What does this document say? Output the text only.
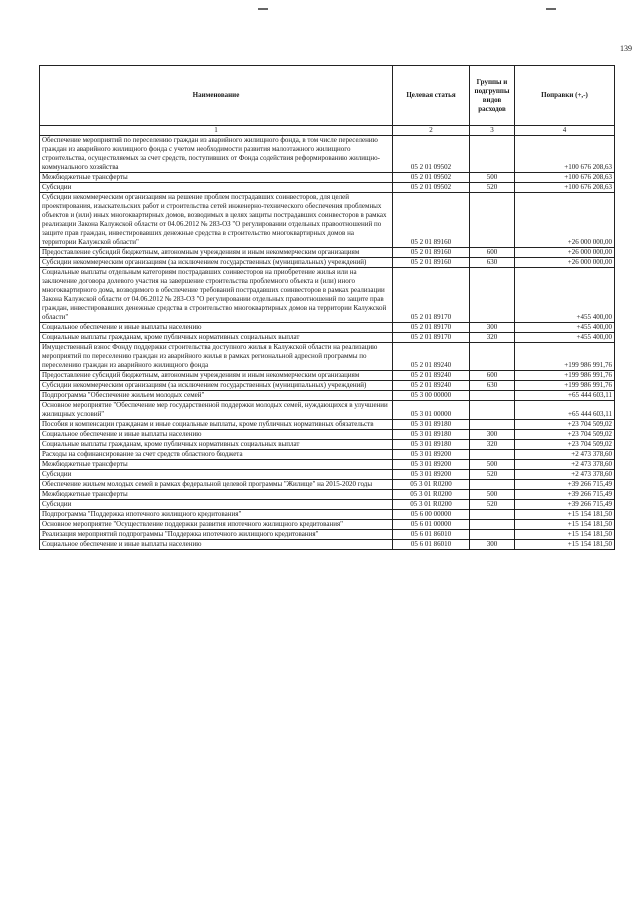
139
Наименование	Целевая статья	Группы и подгруппы видов расходов	Поправки (+,-)
1	2	3	4
Обеспечение мероприятий по переселению граждан из аварийного жилищного фонда, в том числе переселению граждан из аварийного жилищного фонда с учетом необходимости развития малоэтажного жилищного строительства, осуществляемых за счет средств, поступивших от Фонда содействия реформированию жилищно-коммунального хозяйства	05 2 01 09502		+100 676 208,63
Межбюджетные трансферты	05 2 01 09502	500	+100 676 208,63
Субсидии	05 2 01 09502	520	+100 676 208,63
Субсидии некоммерческим организациям на решение проблем пострадавших соинвесторов, для целей проектирования, изыскательских работ и строительства сетей инженерно-технического обеспечения проблемных объектов и (или) иных многоквартирных домов, возводимых в целях защиты пострадавших соинвесторов в рамках реализации Закона Калужской области от 04.06.2012 № 283-ОЗ "О регулировании отдельных правоотношений по защите прав граждан, инвестировавших денежные средства в строительство многоквартирных домов на территории Калужской области"	05 2 01 89160		+26 000 000,00
Предоставление субсидий бюджетным, автономным учреждениям и иным некоммерческим организациям	05 2 01 89160	600	+26 000 000,00
Субсидии некоммерческим организациям (за исключением государственных (муниципальных) учреждений)	05 2 01 89160	630	+26 000 000,00
Социальные выплаты отдельным категориям пострадавших соинвесторов на приобретение жилья или на заключение договора долевого участия на завершение строительства проблемного объекта и (или) иного многоквартирного дома, возводимого в обеспечение требований пострадавших соинвесторов в рамках реализации Закона Калужской области от 04.06.2012 № 283-ОЗ "О регулировании отдельных правоотношений по защите прав граждан, инвестировавших денежные средства в строительство многоквартирных домов на территории Калужской области"	05 2 01 89170		+455 400,00
Социальное обеспечение и иные выплаты населению	05 2 01 89170	300	+455 400,00
Социальные выплаты гражданам, кроме публичных нормативных социальных выплат	05 2 01 89170	320	+455 400,00
Имущественный взнос Фонду поддержки строительства доступного жилья в Калужской области на реализацию мероприятий по переселению граждан из аварийного жилья в рамках региональной адресной программы по переселению граждан из аварийного жилищного фонда	05 2 01 89240		+199 986 991,76
Предоставление субсидий бюджетным, автономным учреждениям и иным некоммерческим организациям	05 2 01 89240	600	+199 986 991,76
Субсидии некоммерческим организациям (за исключением государственных (муниципальных) учреждений)	05 2 01 89240	630	+199 986 991,76
Подпрограмма "Обеспечение жильем молодых семей"	05 3 00 00000		+65 444 603,11
Основное мероприятие "Обеспечение мер государственной поддержки молодых семей, нуждающихся в улучшении жилищных условий"	05 3 01 00000		+65 444 603,11
Пособия и компенсации гражданам и иные социальные выплаты, кроме публичных нормативных обязательств	05 3 01 89180		+23 704 509,02
Социальное обеспечение и иные выплаты населению	05 3 01 89180	300	+23 704 509,02
Социальные выплаты гражданам, кроме публичных нормативных социальных выплат	05 3 01 89180	320	+23 704 509,02
Расходы на софинансирование за счет средств областного бюджета	05 3 01 89200		+2 473 378,60
Межбюджетные трансферты	05 3 01 89200	500	+2 473 378,60
Субсидии	05 3 01 89200	520	+2 473 378,60
Обеспечение жильем молодых семей в рамках федеральной целевой программы "Жилище" на 2015-2020 годы	05 3 01 R0200		+39 266 715,49
Межбюджетные трансферты	05 3 01 R0200	500	+39 266 715,49
Субсидии	05 3 01 R0200	520	+39 266 715,49
Подпрограмма "Поддержка ипотечного жилищного кредитования"	05 6 00 00000		+15 154 181,50
Основное мероприятие "Осуществление поддержки развития ипотечного жилищного кредитования"	05 6 01 00000		+15 154 181,50
Реализация мероприятий подпрограммы "Поддержка ипотечного жилищного кредитования"	05 6 01 86010		+15 154 181,50
Социальное обеспечение и иные выплаты населению	05 6 01 86010	300	+15 154 181,50
